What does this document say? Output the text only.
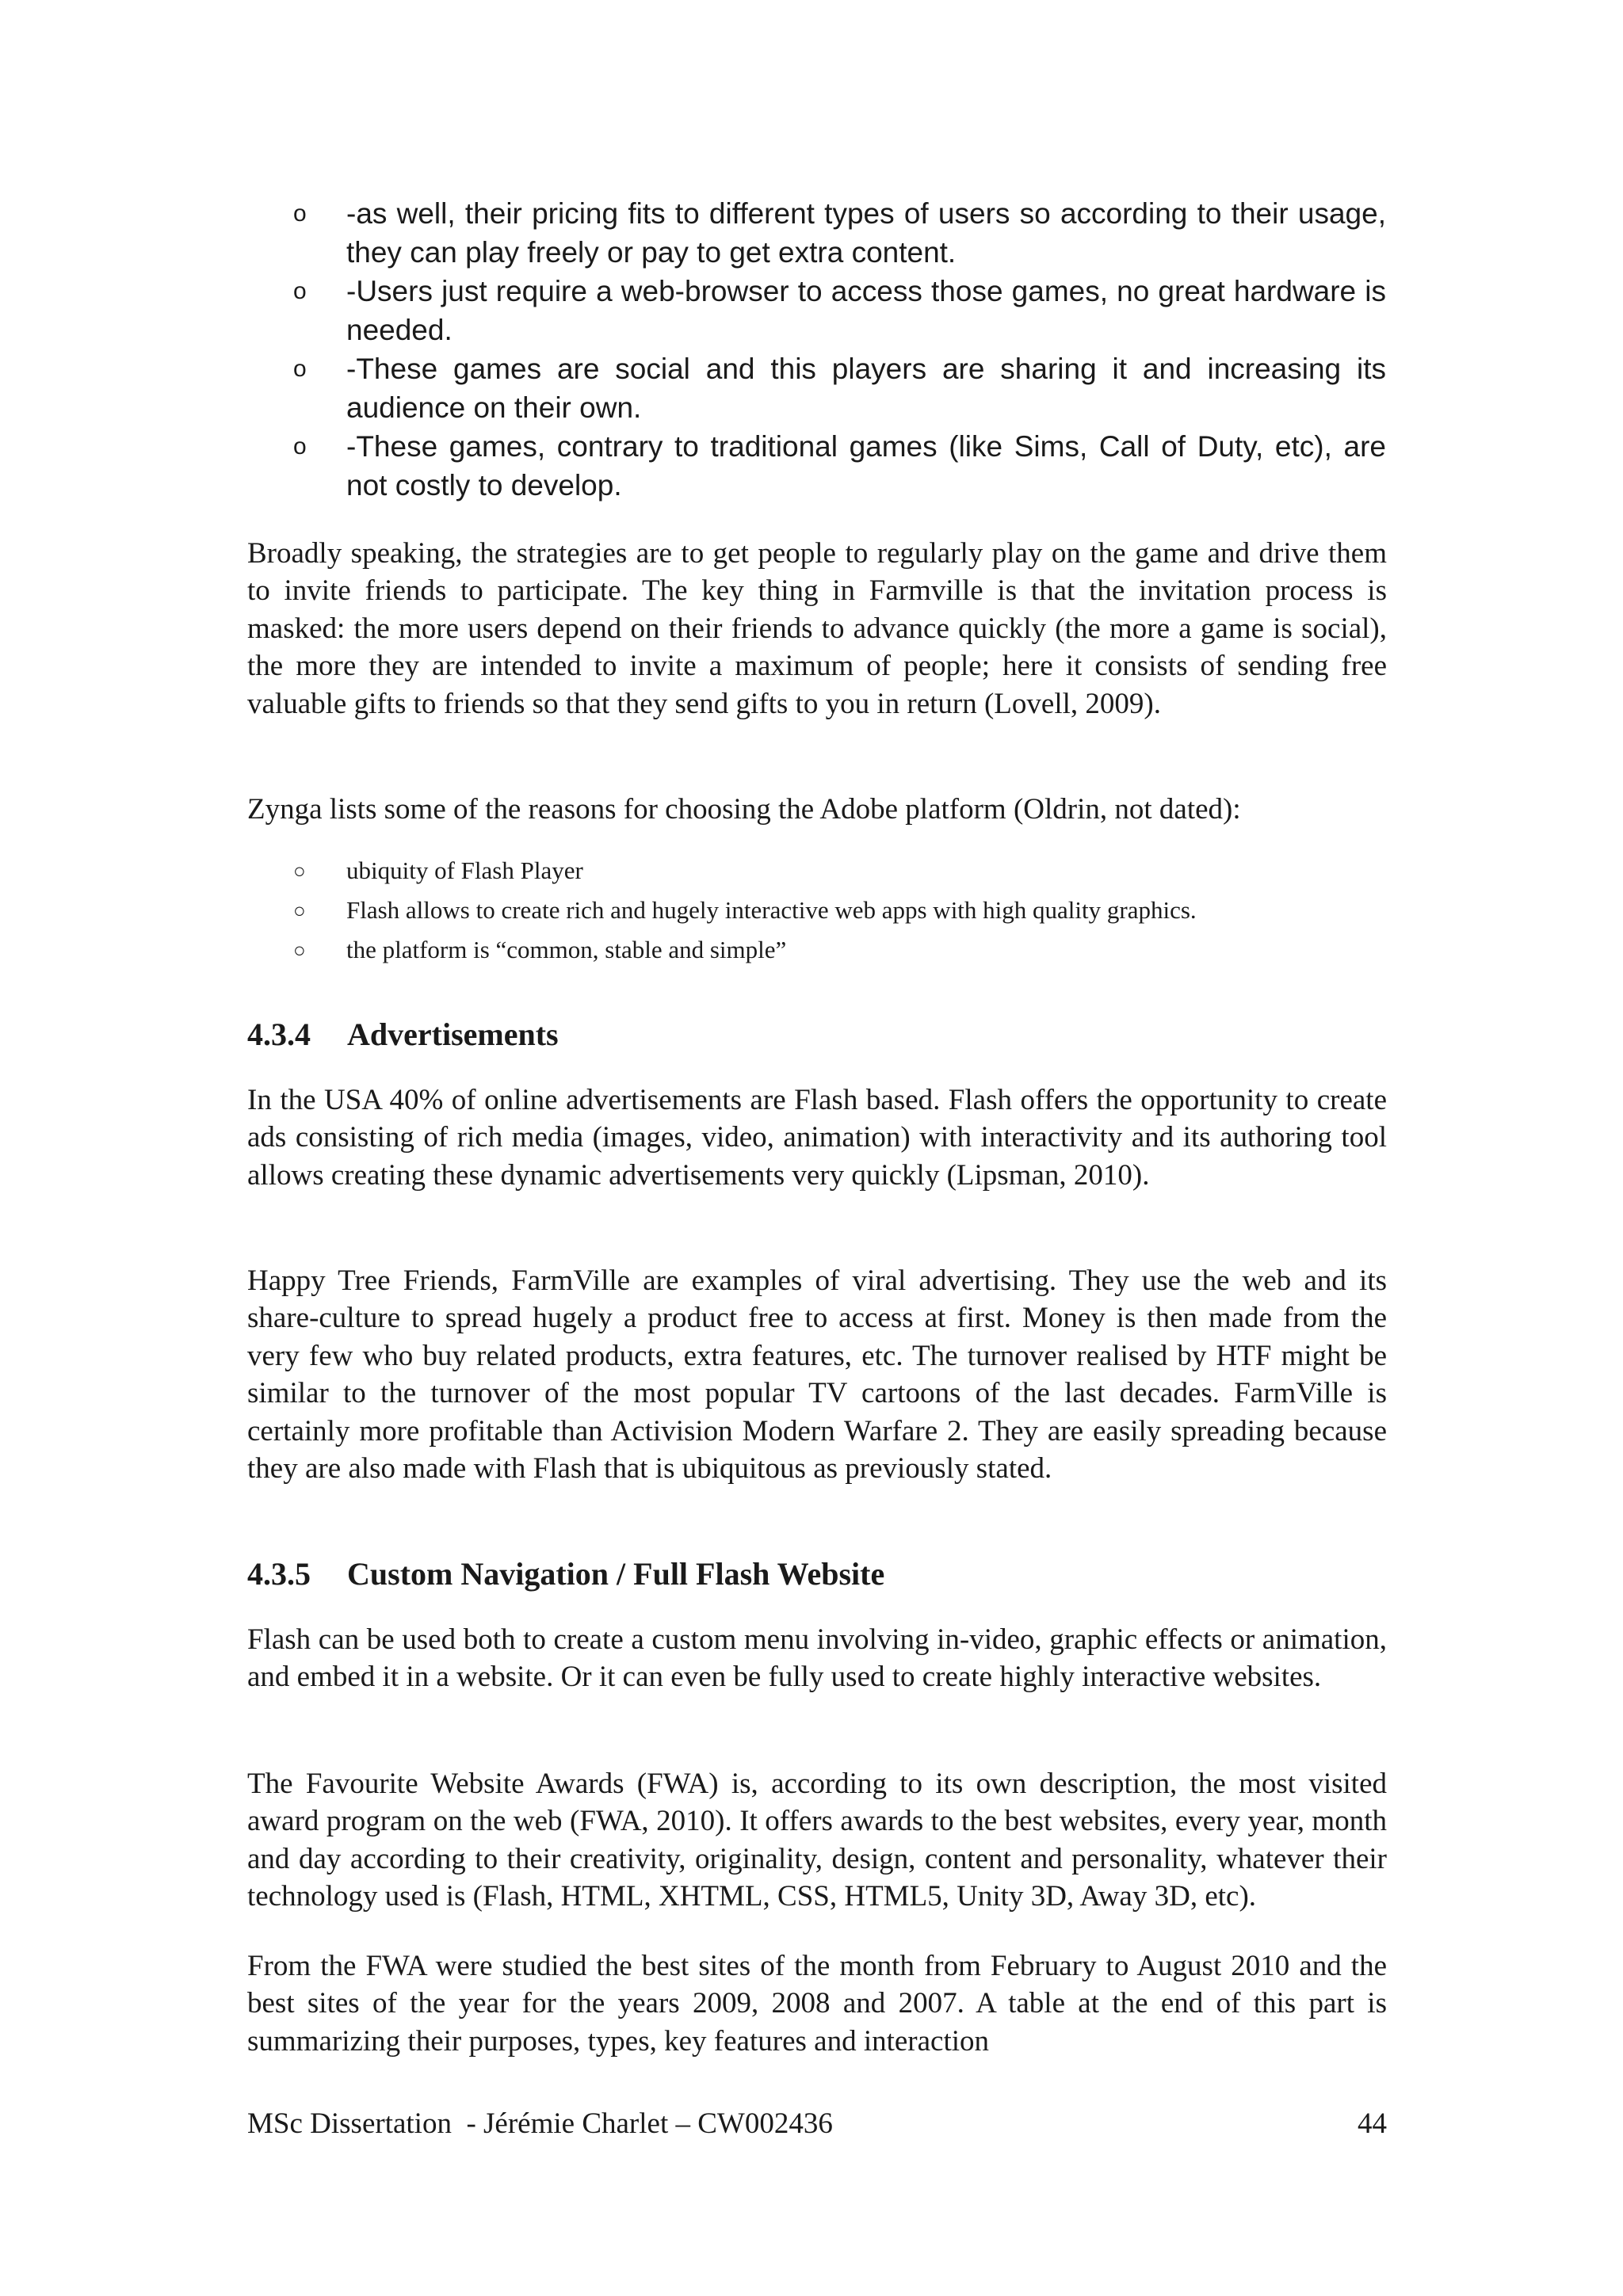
o -as well, their pricing fits to different types of users so according to their usage, they can play freely or pay to get extra content.
o -Users just require a web-browser to access those games, no great hardware is needed.
o -These games are social and this players are sharing it and increasing its audience on their own.
o -These games, contrary to traditional games (like Sims, Call of Duty, etc), are not costly to develop.

Broadly speaking, the strategies are to get people to regularly play on the game and drive them to invite friends to participate. The key thing in Farmville is that the invitation process is masked: the more users depend on their friends to advance quickly (the more a game is social), the more they are intended to invite a maximum of people; here it consists of sending free valuable gifts to friends so that they send gifts to you in return (Lovell, 2009).

Zynga lists some of the reasons for choosing the Adobe platform (Oldrin, not dated):

○ ubiquity of Flash Player
○ Flash allows to create rich and hugely interactive web apps with high quality graphics.
○ the platform is “common, stable and simple”
4.3.4 Advertisements

In the USA 40% of online advertisements are Flash based. Flash offers the opportunity to create ads consisting of rich media (images, video, animation) with interactivity and its authoring tool allows creating these dynamic advertisements very quickly (Lipsman, 2010).

Happy Tree Friends, FarmVille are examples of viral advertising. They use the web and its share-culture to spread hugely a product free to access at first. Money is then made from the very few who buy related products, extra features, etc. The turnover realised by HTF might be similar to the turnover of the most popular TV cartoons of the last decades. FarmVille is certainly more profitable than Activision Modern Warfare 2. They are easily spreading because they are also made with Flash that is ubiquitous as previously stated.

4.3.5 Custom Navigation / Full Flash Website

Flash can be used both to create a custom menu involving in-video, graphic effects or animation, and embed it in a website. Or it can even be fully used to create highly interactive websites.

The Favourite Website Awards (FWA) is, according to its own description, the most visited award program on the web (FWA, 2010). It offers awards to the best websites, every year, month and day according to their creativity, originality, design, content and personality, whatever their technology used is (Flash, HTML, XHTML, CSS, HTML5, Unity 3D, Away 3D, etc).

From the FWA were studied the best sites of the month from February to August 2010 and the best sites of the year for the years 2009, 2008 and 2007. A table at the end of this part is summarizing their purposes, types, key features and interaction

MSc Dissertation  - Jérémie Charlet – CW002436	44
